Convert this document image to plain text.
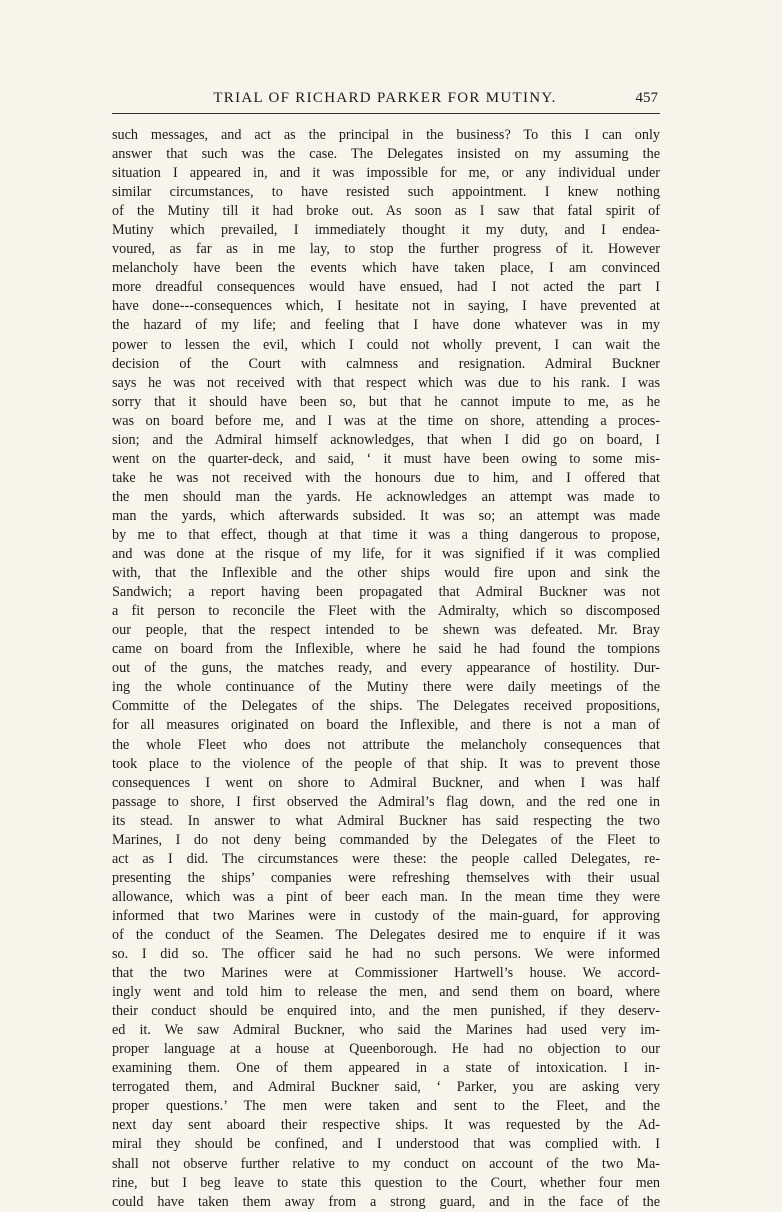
TRIAL OF RICHARD PARKER FOR MUTINY.	457
such messages, and act as the principal in the business? To this I can only
answer that such was the case. The Delegates insisted on my assuming the
situation I appeared in, and it was impossible for me, or any individual under
similar circumstances, to have resisted such appointment. I knew nothing
of the Mutiny till it had broke out. As soon as I saw that fatal spirit of
Mutiny which prevailed, I immediately thought it my duty, and I endea-
voured, as far as in me lay, to stop the further progress of it. However
melancholy have been the events which have taken place, I am convinced
more dreadful consequences would have ensued, had I not acted the part I
have done---consequences which, I hesitate not in saying, I have prevented at
the hazard of my life; and feeling that I have done whatever was in my
power to lessen the evil, which I could not wholly prevent, I can wait the
decision of the Court with calmness and resignation. Admiral Buckner
says he was not received with that respect which was due to his rank. I was
sorry that it should have been so, but that he cannot impute to me, as he
was on board before me, and I was at the time on shore, attending a proces-
sion; and the Admiral himself acknowledges, that when I did go on board, I
went on the quarter-deck, and said, ‘ it must have been owing to some mis-
take he was not received with the honours due to him, and I offered that
the men should man the yards. He acknowledges an attempt was made to
man the yards, which afterwards subsided. It was so; an attempt was made
by me to that effect, though at that time it was a thing dangerous to propose,
and was done at the risque of my life, for it was signified if it was complied
with, that the Inflexible and the other ships would fire upon and sink the
Sandwich; a report having been propagated that Admiral Buckner was not
a fit person to reconcile the Fleet with the Admiralty, which so discomposed
our people, that the respect intended to be shewn was defeated. Mr. Bray
came on board from the Inflexible, where he said he had found the tompions
out of the guns, the matches ready, and every appearance of hostility. Dur-
ing the whole continuance of the Mutiny there were daily meetings of the
Committe of the Delegates of the ships. The Delegates received propositions,
for all measures originated on board the Inflexible, and there is not a man of
the whole Fleet who does not attribute the melancholy consequences that
took place to the violence of the people of that ship. It was to prevent those
consequences I went on shore to Admiral Buckner, and when I was half
passage to shore, I first observed the Admiral’s flag down, and the red one in
its stead. In answer to what Admiral Buckner has said respecting the two
Marines, I do not deny being commanded by the Delegates of the Fleet to
act as I did. The circumstances were these: the people called Delegates, re-
presenting the ships’ companies were refreshing themselves with their usual
allowance, which was a pint of beer each man. In the mean time they were
informed that two Marines were in custody of the main-guard, for approving
of the conduct of the Seamen. The Delegates desired me to enquire if it was
so. I did so. The officer said he had no such persons. We were informed
that the two Marines were at Commissioner Hartwell’s house. We accord-
ingly went and told him to release the men, and send them on board, where
their conduct should be enquired into, and the men punished, if they deserv-
ed it. We saw Admiral Buckner, who said the Marines had used very im-
proper language at a house at Queenborough. He had no objection to our
examining them. One of them appeared in a state of intoxication. I in-
terrogated them, and Admiral Buckner said, ‘ Parker, you are asking very
proper questions.’ The men were taken and sent to the Fleet, and the
next day sent aboard their respective ships. It was requested by the Ad-
miral they should be confined, and I understood that was complied with. I
shall not observe further relative to my conduct on account of the two Ma-
rine, but I beg leave to state this question to the Court, whether four men
could have taken them away from a strong guard, and in the face of the
